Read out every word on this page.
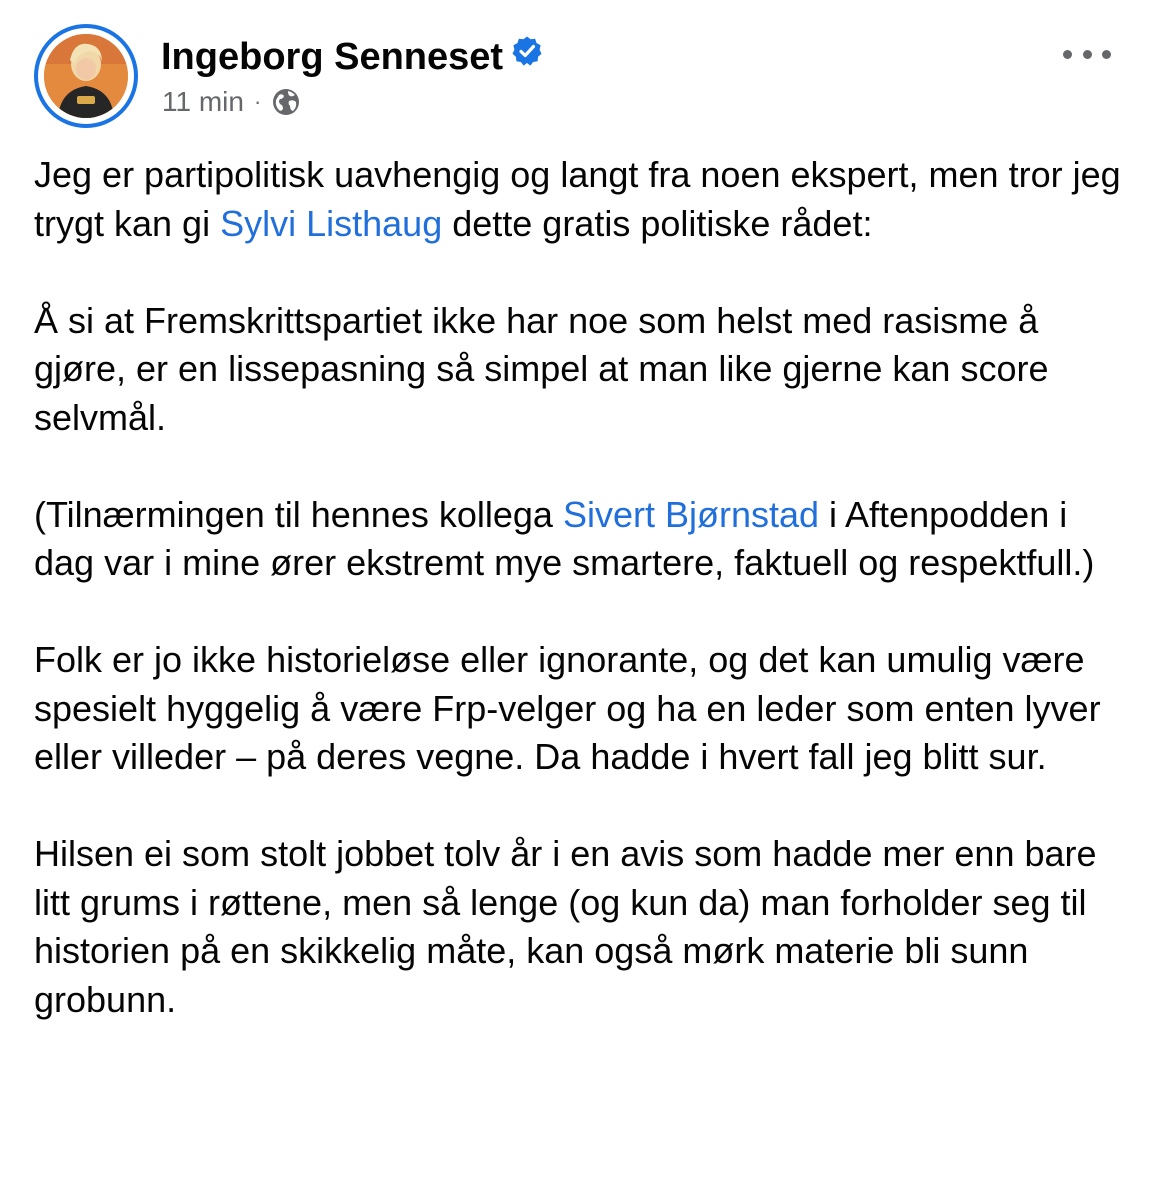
Ingeborg Senneset
11 min ·

Jeg er partipolitisk uavhengig og langt fra noen ekspert, men tror jeg trygt kan gi Sylvi Listhaug dette gratis politiske rådet:

Å si at Fremskrittspartiet ikke har noe som helst med rasisme å gjøre, er en lissepasning så simpel at man like gjerne kan score selvmål.

(Tilnærmingen til hennes kollega Sivert Bjørnstad i Aftenpodden i dag var i mine ører ekstremt mye smartere, faktuell og respektfull.)

Folk er jo ikke historieløse eller ignorante, og det kan umulig være spesielt hyggelig å være Frp-velger og ha en leder som enten lyver eller villeder – på deres vegne. Da hadde i hvert fall jeg blitt sur.

Hilsen ei som stolt jobbet tolv år i en avis som hadde mer enn bare litt grums i røttene, men så lenge (og kun da) man forholder seg til historien på en skikkelig måte, kan også mørk materie bli sunn grobunn.
